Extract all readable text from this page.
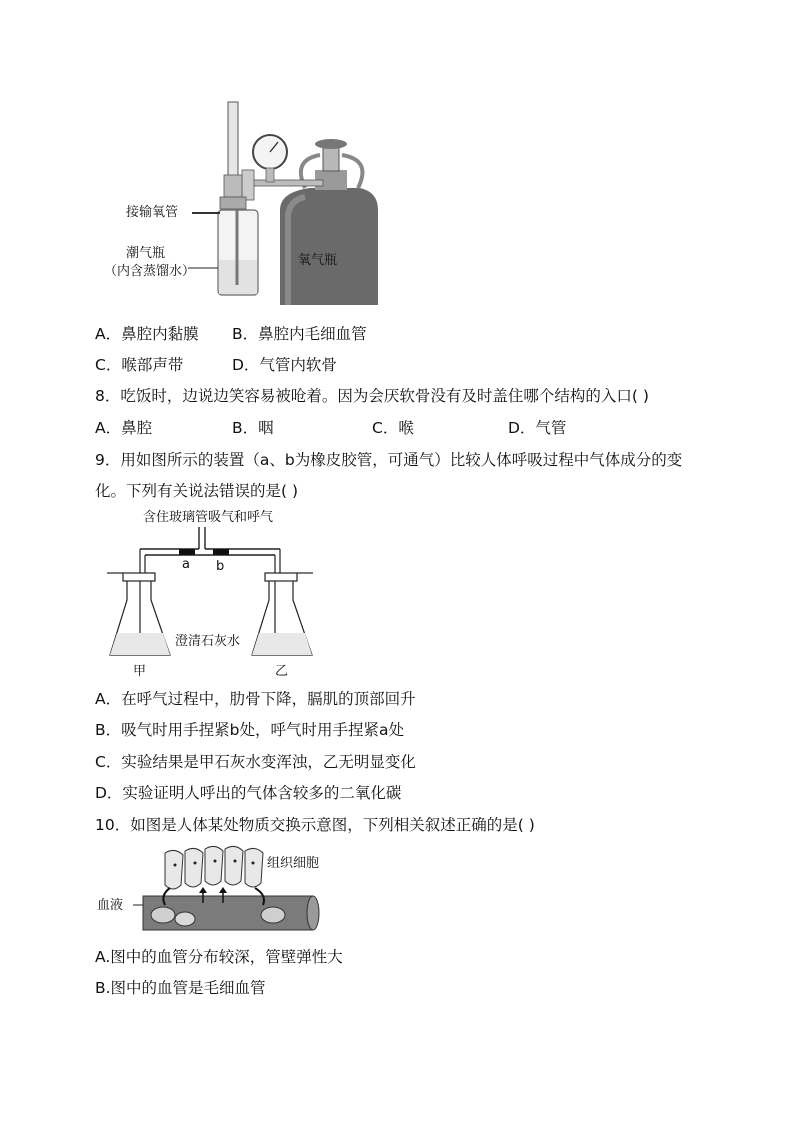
接输氧管
潮气瓶
（内含蒸馏水）
氧气瓶
A．鼻腔内黏膜 B．鼻腔内毛细血管
C．喉部声带	D．气管内软骨
8．吃饭时，边说边笑容易被呛着。因为会厌软骨没有及时盖住哪个结构的入口( )
A．鼻腔	B．咽	C．喉	D．气管
9．用如图所示的装置（a、b为橡皮胶管，可通气）比较人体呼吸过程中气体成分的变
化。下列有关说法错误的是( )
含住玻璃管吸气和呼气
a b
澄清石灰水
甲	乙
A．在呼气过程中，肋骨下降，膈肌的顶部回升
B．吸气时用手捏紧b处，呼气时用手捏紧a处
C．实验结果是甲石灰水变浑浊，乙无明显变化
D．实验证明人呼出的气体含较多的二氧化碳
10．如图是人体某处物质交换示意图，下列相关叙述正确的是( )
组织细胞
血液
A.图中的血管分布较深，管壁弹性大
B.图中的血管是毛细血管
